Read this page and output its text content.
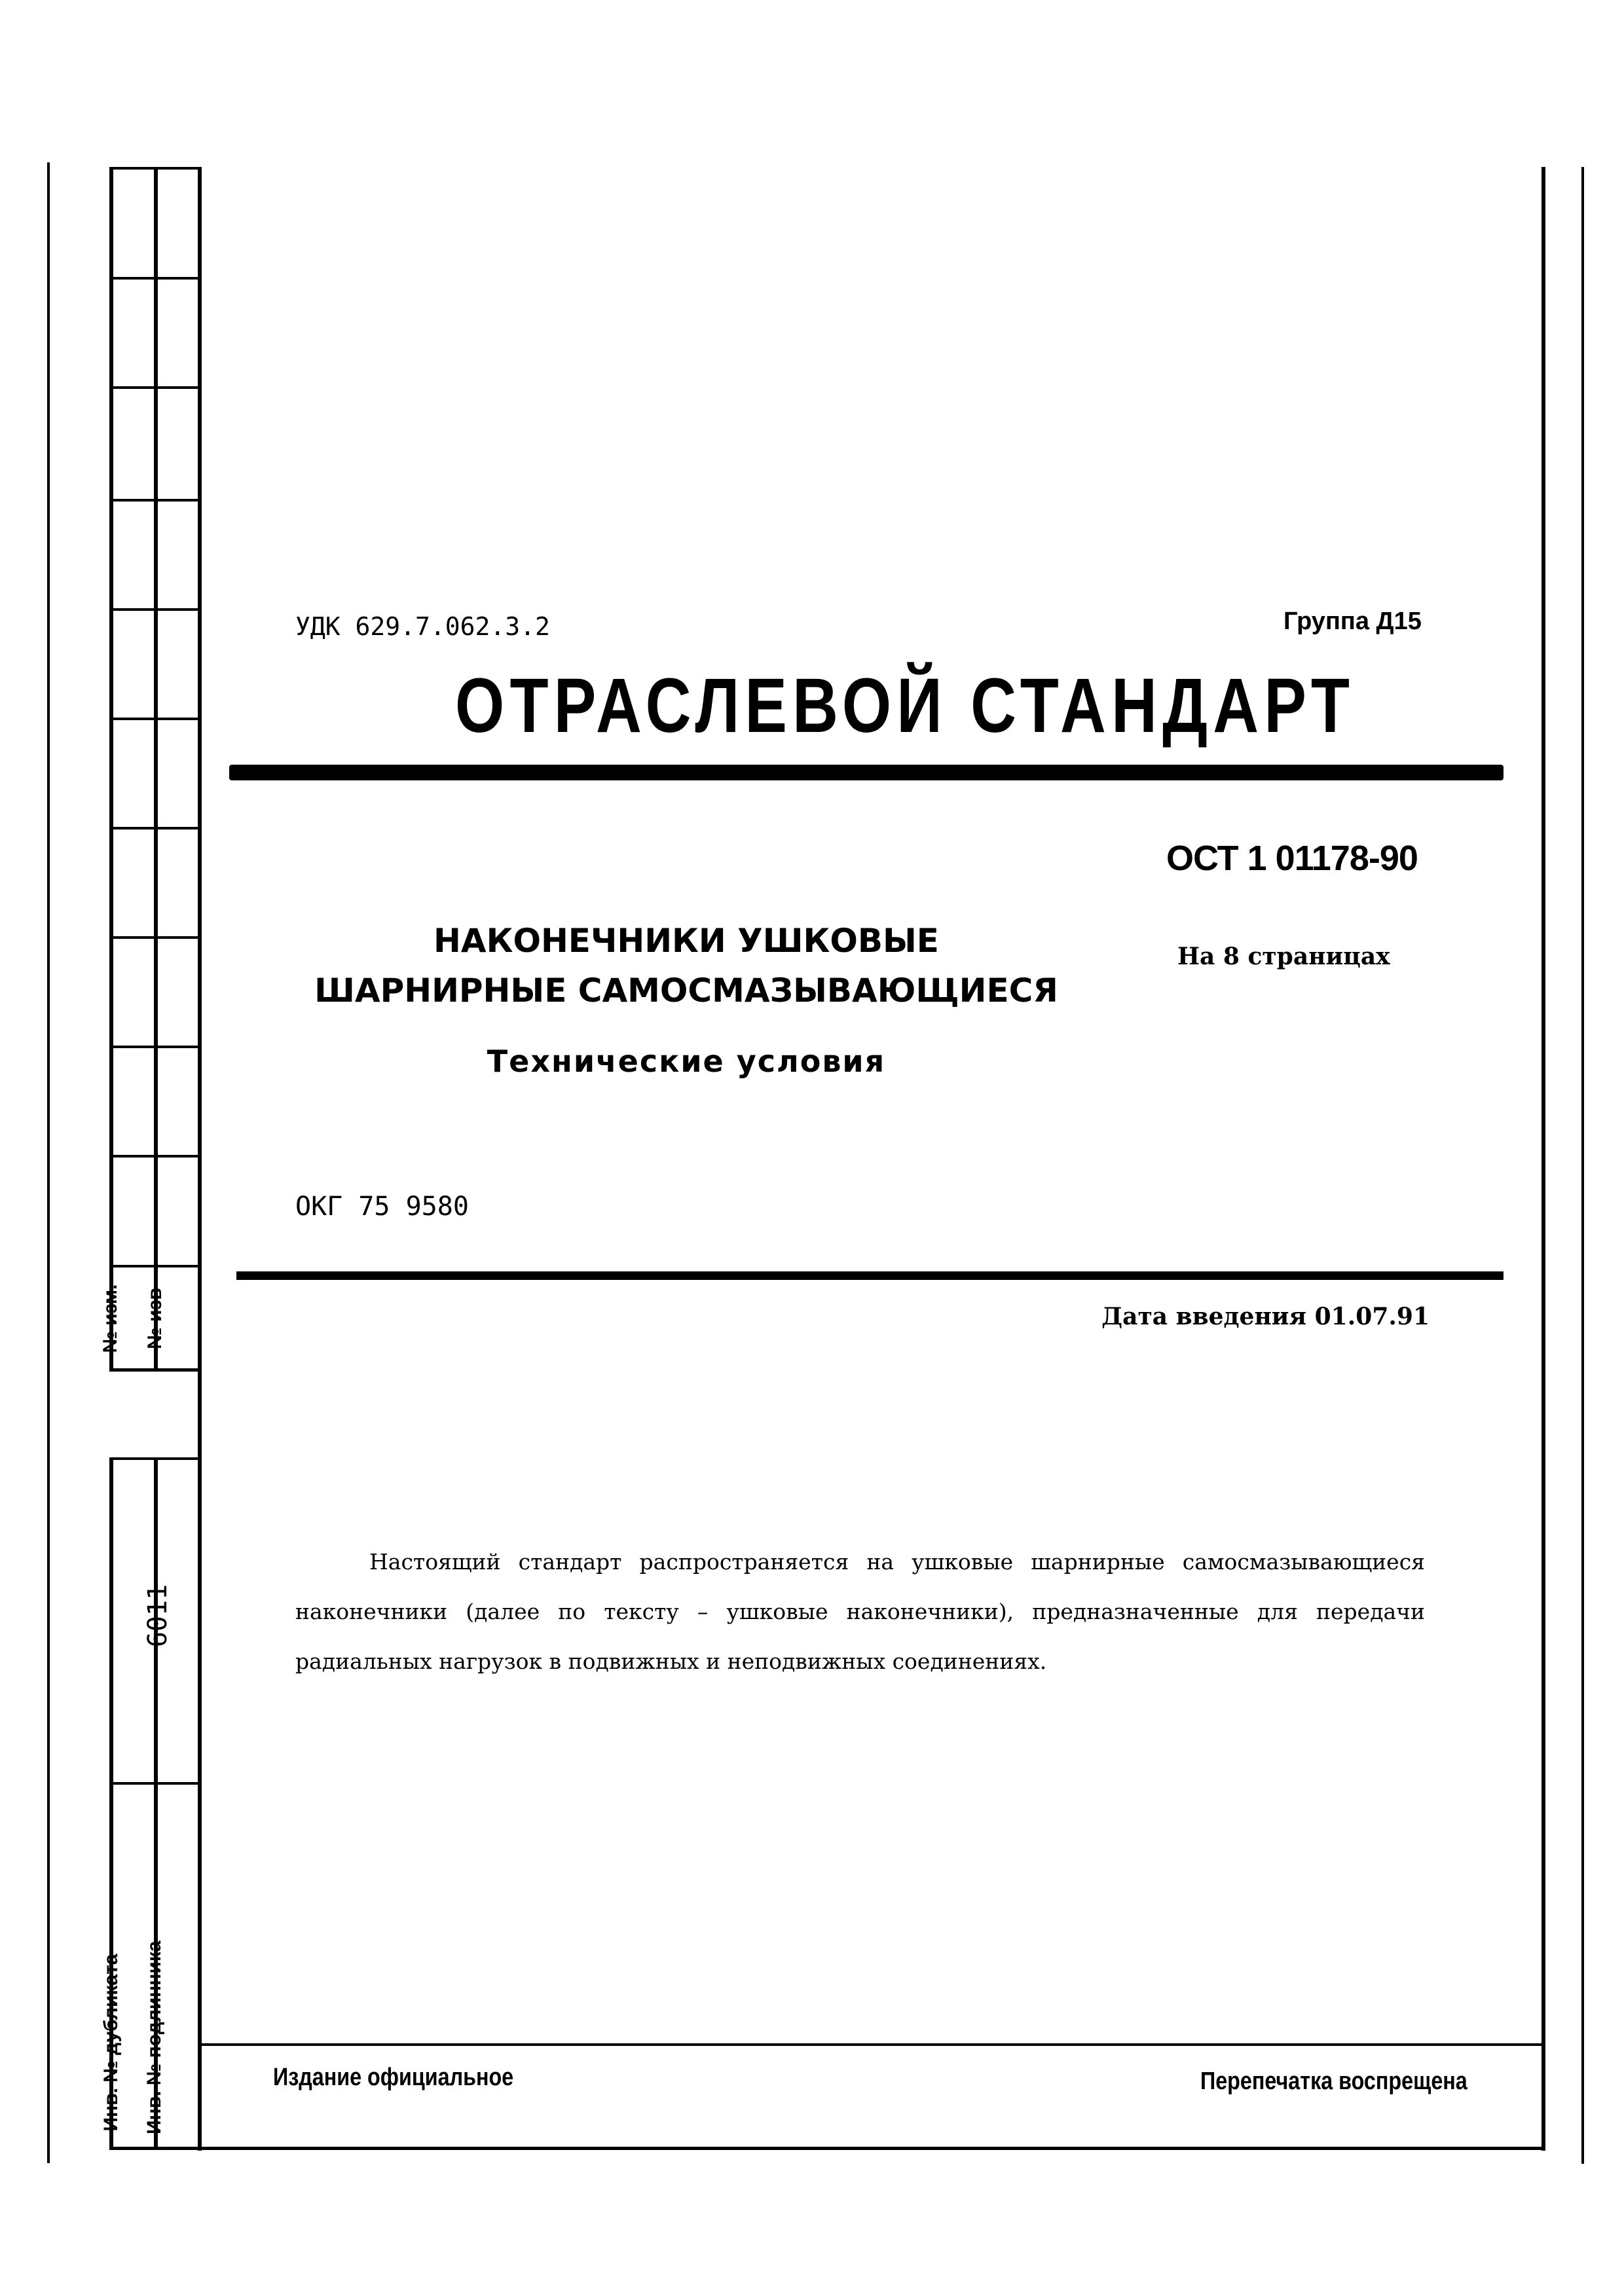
№ изм. № изв
6011
Инв. № дубликата Инв. № подлинника
УДК 629.7.062.3.2	Группа Д15
ОТРАСЛЕВОЙ СТАНДАРТ
ОСТ 1 01178-90
НАКОНЕЧНИКИ УШКОВЫЕ
ШАРНИРНЫЕ САМОСМАЗЫВАЮЩИЕСЯ
Технические условия
На 8 страницах
ОКГ 75 9580
Дата введения 01.07.91
Настоящий стандарт распространяется на ушковые шарнирные самосмазывающиеся наконечники (далее по тексту – ушковые наконечники), предназначенные для передачи радиальных нагрузок в подвижных и неподвижных соединениях.
Издание официальное	Перепечатка воспрещена
